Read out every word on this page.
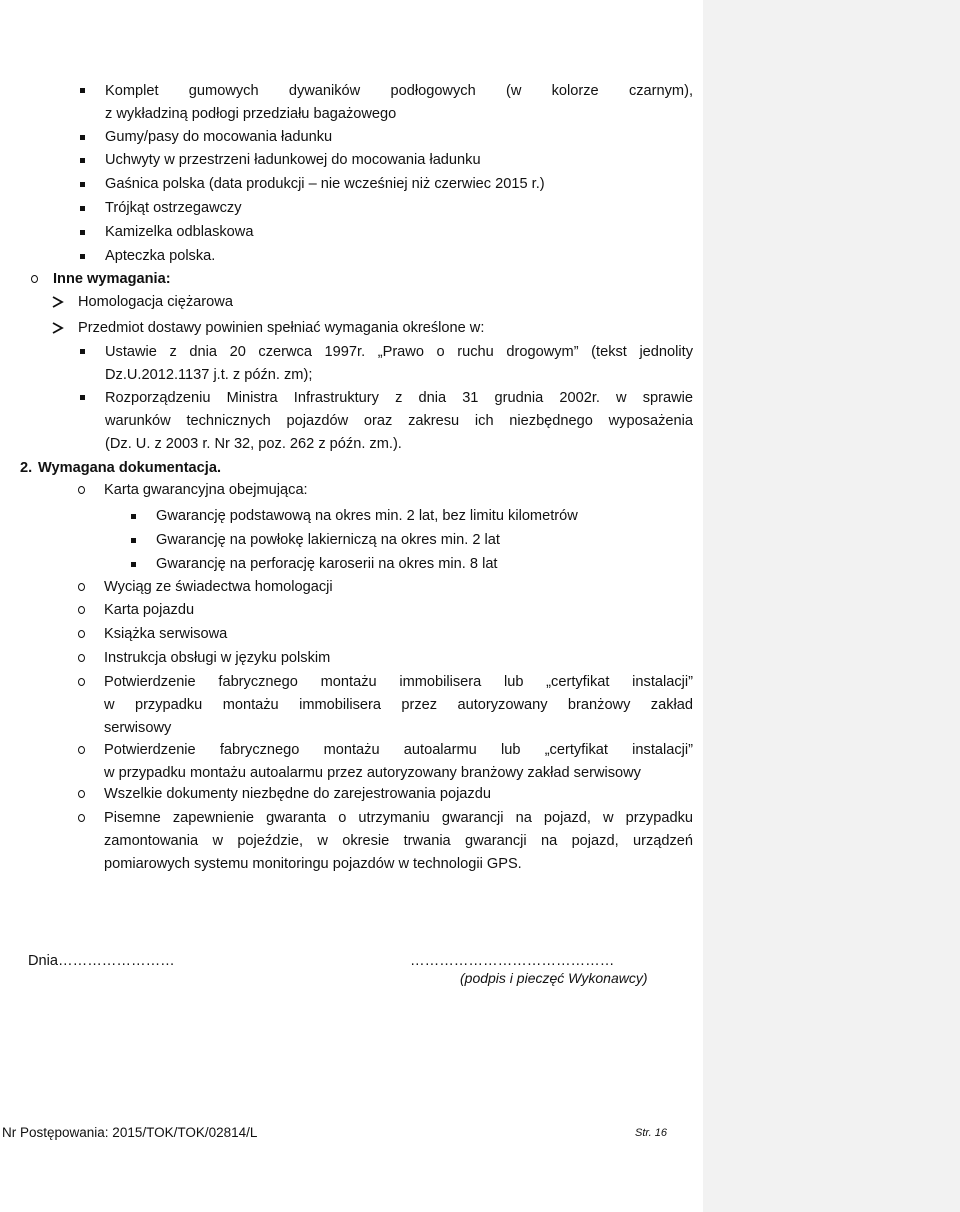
Komplet gumowych dywaników podłogowych (w kolorze czarnym),
z wykładziną podłogi przedziału bagażowego
Gumy/pasy do mocowania ładunku
Uchwyty w przestrzeni ładunkowej do mocowania ładunku
Gaśnica polska (data produkcji – nie wcześniej niż czerwiec 2015 r.)
Trójkąt ostrzegawczy
Kamizelka odblaskowa
Apteczka polska.
Inne wymagania:
Homologacja ciężarowa
Przedmiot dostawy powinien spełniać wymagania określone w:
Ustawie z dnia 20 czerwca 1997r. „Prawo o ruchu drogowym” (tekst jednolity
Dz.U.2012.1137 j.t. z późn. zm);
Rozporządzeniu Ministra Infrastruktury z dnia 31 grudnia 2002r. w sprawie
warunków technicznych pojazdów oraz zakresu ich niezbędnego wyposażenia
(Dz. U. z 2003 r. Nr 32, poz. 262 z późn. zm.).
2. Wymagana dokumentacja.
Karta gwarancyjna obejmująca:
Gwarancję podstawową na okres min. 2 lat, bez limitu kilometrów
Gwarancję na powłokę lakierniczą na okres min. 2 lat
Gwarancję na perforację karoserii na okres min. 8 lat
Wyciąg ze świadectwa homologacji
Karta pojazdu
Książka serwisowa
Instrukcja obsługi w języku polskim
Potwierdzenie fabrycznego montażu immobilisera lub „certyfikat instalacji”
w przypadku montażu immobilisera przez autoryzowany branżowy zakład
serwisowy
Potwierdzenie fabrycznego montażu autoalarmu lub „certyfikat instalacji”
w przypadku montażu autoalarmu przez autoryzowany branżowy zakład serwisowy
Wszelkie dokumenty niezbędne do zarejestrowania pojazdu
Pisemne zapewnienie gwaranta o utrzymaniu gwarancji na pojazd, w przypadku
zamontowania w pojeździe, w okresie trwania gwarancji na pojazd, urządzeń
pomiarowych systemu monitoringu pojazdów w technologii GPS.
Dnia……………………	……………………………………
(podpis i pieczęć Wykonawcy)
Nr Postępowania: 2015/TOK/TOK/02814/L	Str. 16
